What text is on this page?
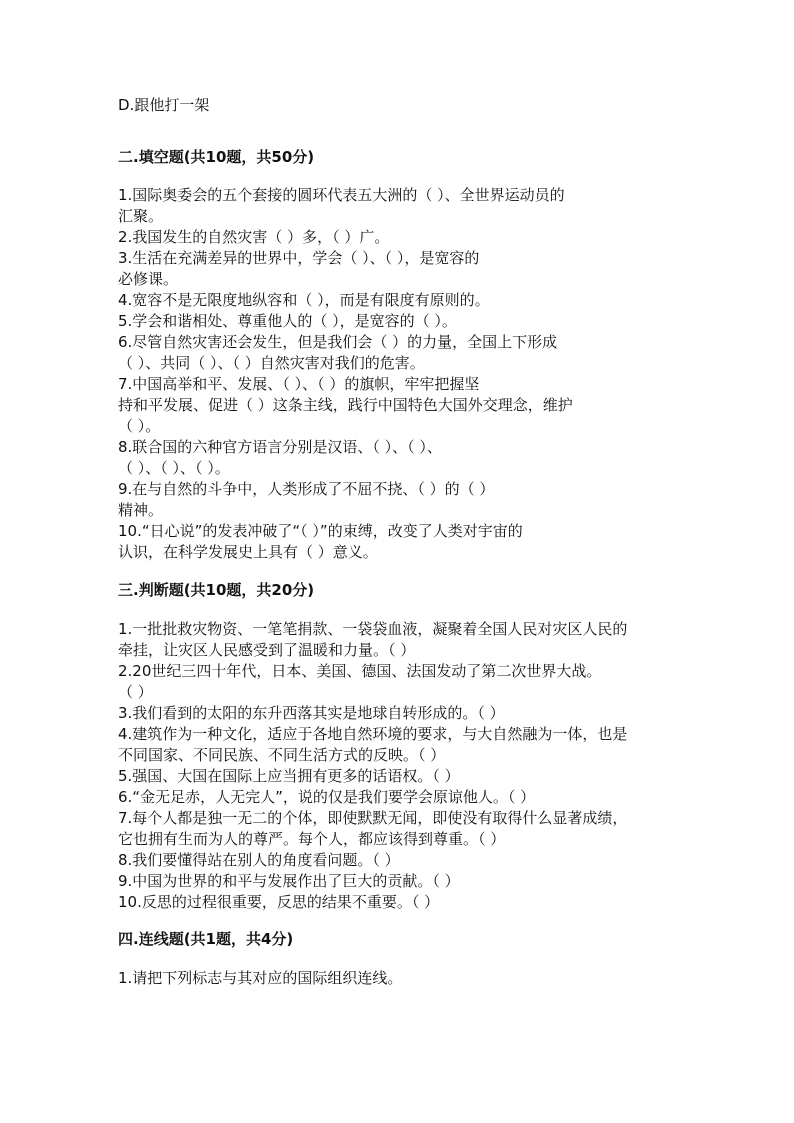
D.跟他打一架
二.填空题(共10题，共50分)
1.国际奥委会的五个套接的圆环代表五大洲的（ ）、全世界运动员的
汇聚。
2.我国发生的自然灾害（ ）多，（ ）广。
3.生活在充满差异的世界中，学会（ ）、（ ），是宽容的
必修课。
4.宽容不是无限度地纵容和（ ），而是有限度有原则的。
5.学会和谐相处、尊重他人的（ ），是宽容的（ ）。
6.尽管自然灾害还会发生，但是我们会（ ）的力量，全国上下形成
（ ）、共同（ ）、（ ）自然灾害对我们的危害。
7.中国高举和平、发展、（ ）、（ ）的旗帜，牢牢把握坚
持和平发展、促进（ ）这条主线，践行中国特色大国外交理念，维护
（ ）。
8.联合国的六种官方语言分别是汉语、（ ）、（ ）、
（ ）、（ ）、（ ）。
9.在与自然的斗争中，人类形成了不屈不挠、（ ）的（ ）
精神。
10.“日心说”的发表冲破了“（ ）”的束缚，改变了人类对宇宙的
认识，在科学发展史上具有（ ）意义。
三.判断题(共10题，共20分)
1.一批批救灾物资、一笔笔捐款、一袋袋血液，凝聚着全国人民对灾区人民的
牵挂，让灾区人民感受到了温暖和力量。（ ）
2.20世纪三四十年代，日本、美国、德国、法国发动了第二次世界大战。
（ ）
3.我们看到的太阳的东升西落其实是地球自转形成的。（ ）
4.建筑作为一种文化，适应于各地自然环境的要求，与大自然融为一体，也是
不同国家、不同民族、不同生活方式的反映。（ ）
5.强国、大国在国际上应当拥有更多的话语权。（ ）
6.“金无足赤，人无完人”，说的仅是我们要学会原谅他人。（ ）
7.每个人都是独一无二的个体，即使默默无闻，即使没有取得什么显著成绩，
它也拥有生而为人的尊严。每个人，都应该得到尊重。（ ）
8.我们要懂得站在别人的角度看问题。（ ）
9.中国为世界的和平与发展作出了巨大的贡献。（ ）
10.反思的过程很重要，反思的结果不重要。（ ）
四.连线题(共1题，共4分)
1.请把下列标志与其对应的国际组织连线。
